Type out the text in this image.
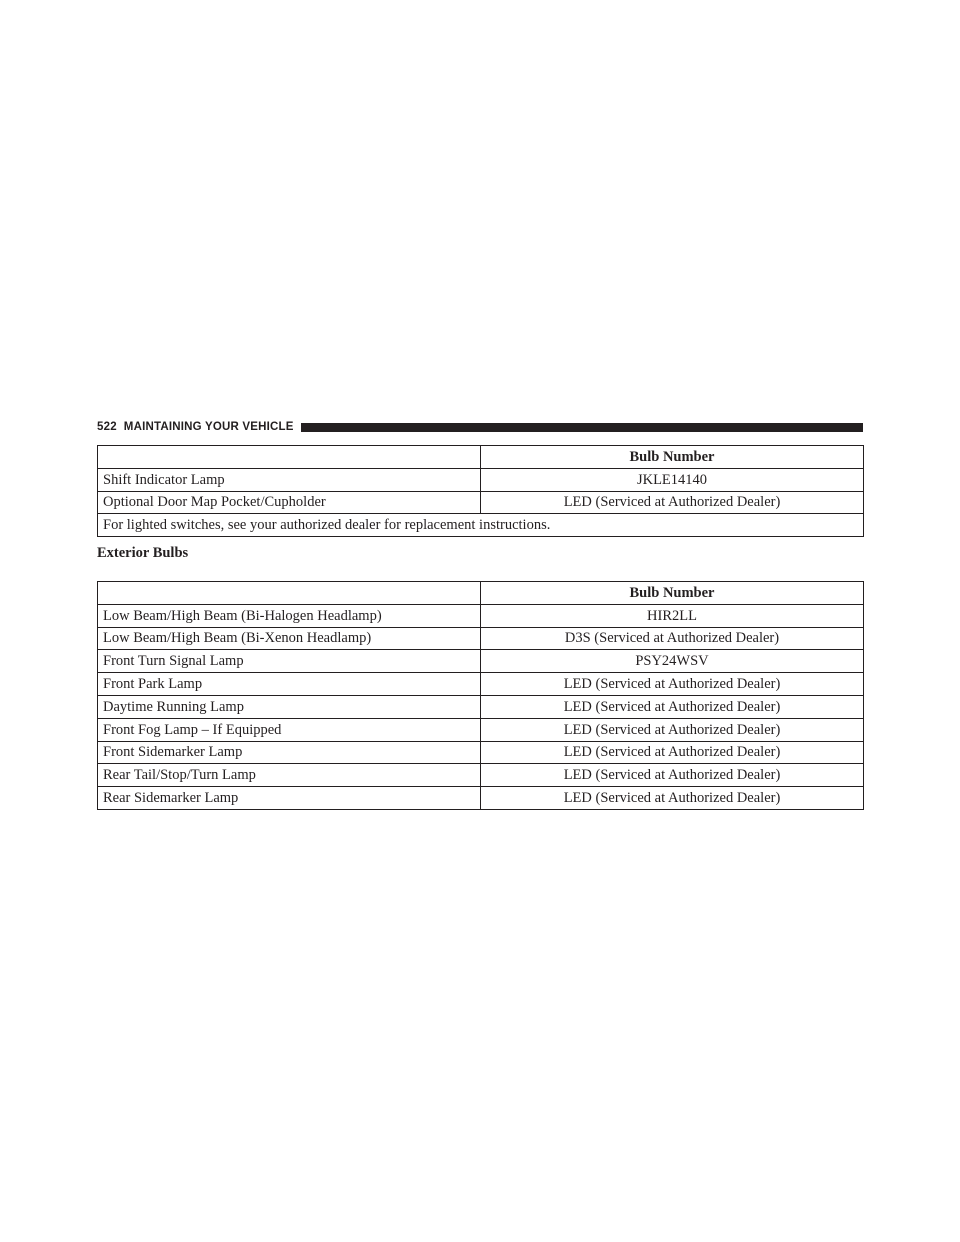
522 MAINTAINING YOUR VEHICLE
	Bulb Number
Shift Indicator Lamp	JKLE14140
Optional Door Map Pocket/Cupholder	LED (Serviced at Authorized Dealer)
For lighted switches, see your authorized dealer for replacement instructions.	
Exterior Bulbs
	Bulb Number
Low Beam/High Beam (Bi-Halogen Headlamp)	HIR2LL
Low Beam/High Beam (Bi-Xenon Headlamp)	D3S (Serviced at Authorized Dealer)
Front Turn Signal Lamp	PSY24WSV
Front Park Lamp	LED (Serviced at Authorized Dealer)
Daytime Running Lamp	LED (Serviced at Authorized Dealer)
Front Fog Lamp – If Equipped	LED (Serviced at Authorized Dealer)
Front Sidemarker Lamp	LED (Serviced at Authorized Dealer)
Rear Tail/Stop/Turn Lamp	LED (Serviced at Authorized Dealer)
Rear Sidemarker Lamp	LED (Serviced at Authorized Dealer)
